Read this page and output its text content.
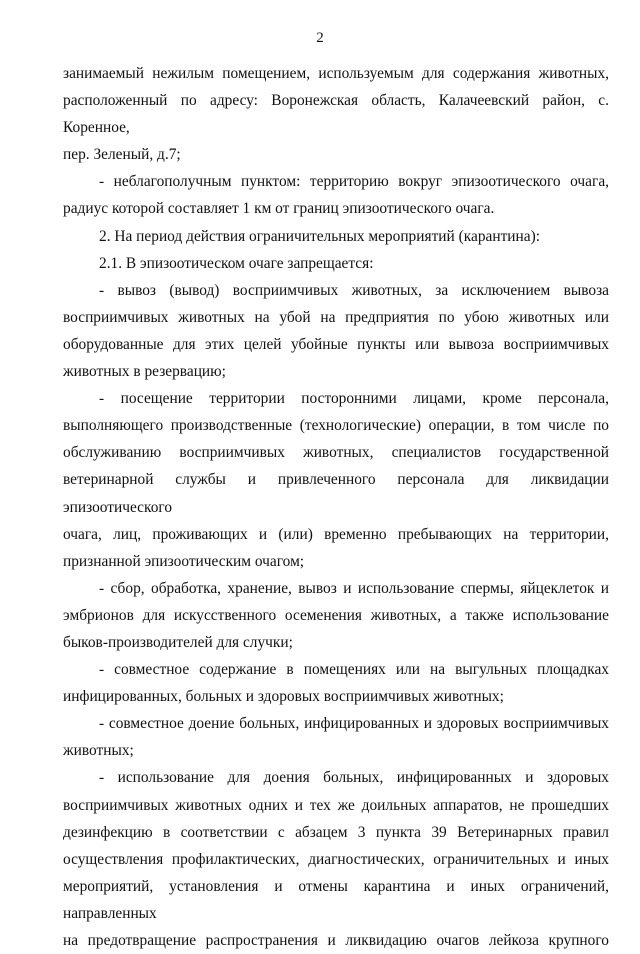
2

занимаемый нежилым помещением, используемым для содержания животных,

расположенный по адресу: Воронежская область, Калачеевский район, с. Коренное,

пер. Зеленый, д.7;

- неблагополучным пунктом: территорию вокруг эпизоотического очага,

радиус которой составляет 1 км от границ эпизоотического очага.

2. На период действия ограничительных мероприятий (карантина):

2.1. В эпизоотическом очаге запрещается:

- вывоз (вывод) восприимчивых животных, за исключением вывоза

восприимчивых животных на убой на предприятия по убою животных или

оборудованные для этих целей убойные пункты или вывоза восприимчивых

животных в резервацию;

- посещение территории посторонними лицами, кроме персонала,

выполняющего производственные (технологические) операции, в том числе по

обслуживанию восприимчивых животных, специалистов государственной

ветеринарной службы и привлеченного персонала для ликвидации эпизоотического

очага, лиц, проживающих и (или) временно пребывающих на территории,

признанной эпизоотическим очагом;

- сбор, обработка, хранение, вывоз и использование спермы, яйцеклеток и

эмбрионов для искусственного осеменения животных, а также использование

быков-производителей для случки;

- совместное содержание в помещениях или на выгульных площадках

инфицированных, больных и здоровых восприимчивых животных;

- совместное доение больных, инфицированных и здоровых восприимчивых

животных;

- использование для доения больных, инфицированных и здоровых

восприимчивых животных одних и тех же доильных аппаратов, не прошедших

дезинфекцию в соответствии с абзацем 3 пункта 39 Ветеринарных правил

осуществления профилактических, диагностических, ограничительных и иных

мероприятий, установления и отмены карантина и иных ограничений, направленных

на предотвращение распространения и ликвидацию очагов лейкоза крупного
